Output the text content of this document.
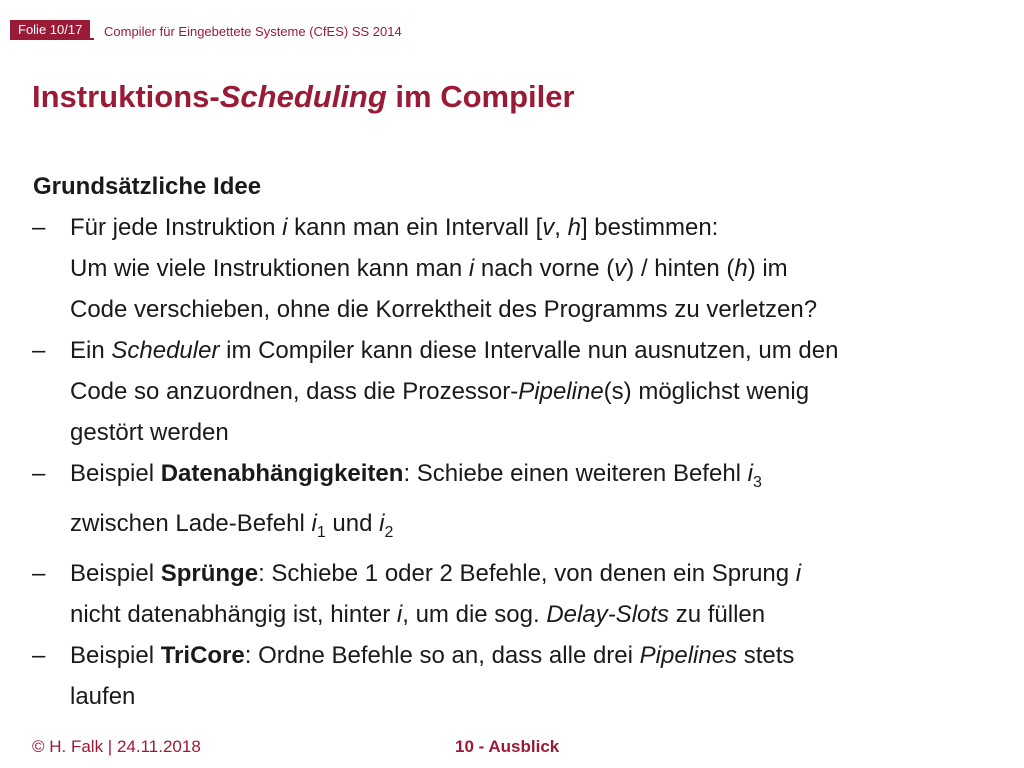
Folie 10/17	Compiler für Eingebettete Systeme (CfES) SS 2014
Instruktions-Scheduling im Compiler
Grundsätzliche Idee
– Für jede Instruktion i kann man ein Intervall [v, h] bestimmen:
Um wie viele Instruktionen kann man i nach vorne (v) / hinten (h) im
Code verschieben, ohne die Korrektheit des Programms zu verletzen?
– Ein Scheduler im Compiler kann diese Intervalle nun ausnutzen, um den
Code so anzuordnen, dass die Prozessor-Pipeline(s) möglichst wenig
gestört werden
– Beispiel Datenabhängigkeiten: Schiebe einen weiteren Befehl $i_3$
zwischen Lade-Befehl $i_1$ und $i_2$
– Beispiel Sprünge: Schiebe 1 oder 2 Befehle, von denen ein Sprung i
nicht datenabhängig ist, hinter i, um die sog. Delay-Slots zu füllen
– Beispiel TriCore: Ordne Befehle so an, dass alle drei Pipelines stets
laufen
© H. Falk | 24.11.2018	10 - Ausblick
